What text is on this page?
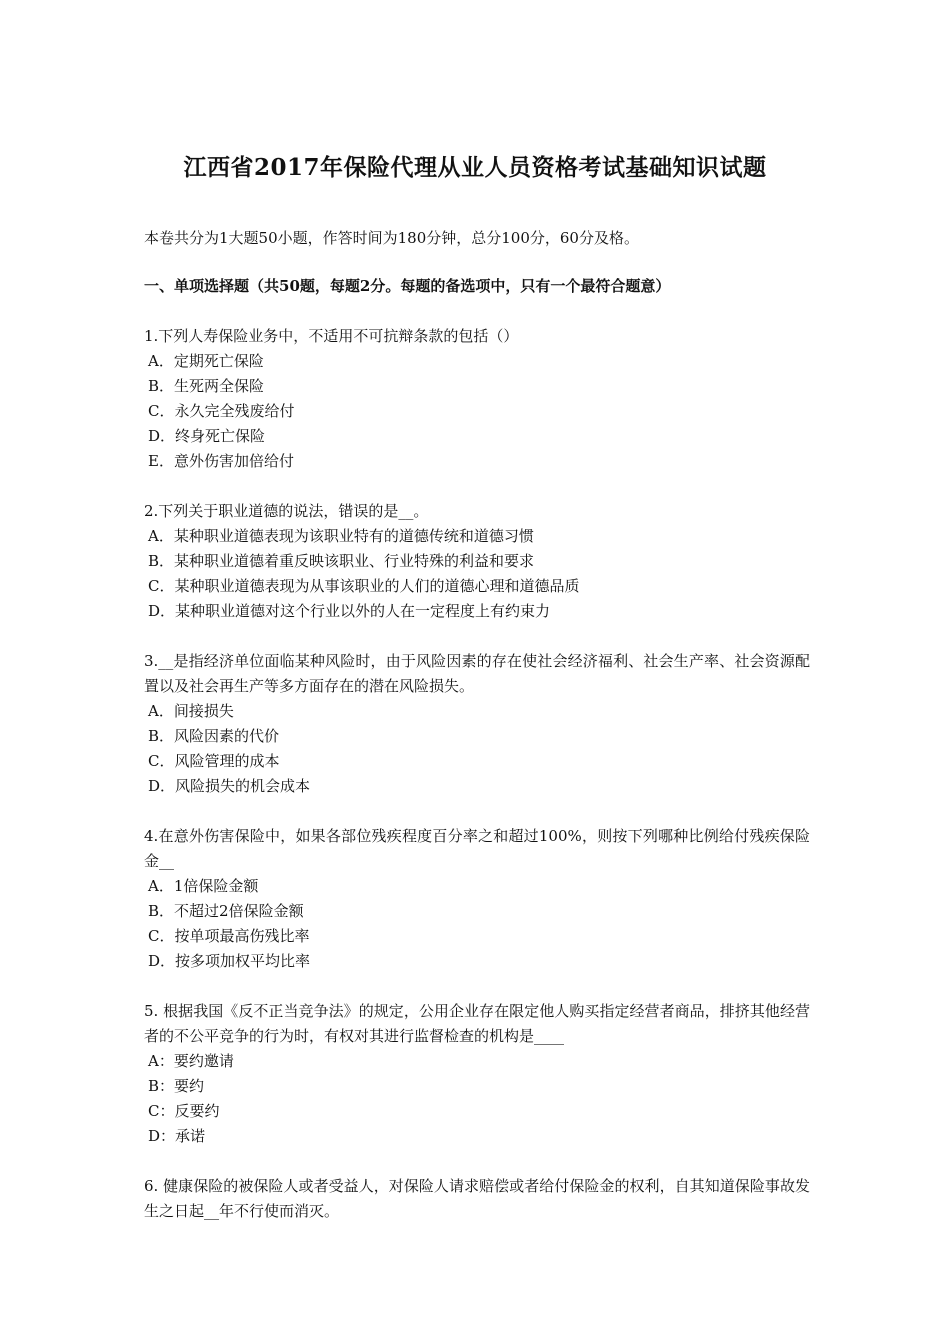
江西省2017年保险代理从业人员资格考试基础知识试题
本卷共分为1大题50小题，作答时间为180分钟，总分100分，60分及格。
一、单项选择题（共50题，每题2分。每题的备选项中，只有一个最符合题意）

1.下列人寿保险业务中，不适用不可抗辩条款的包括（）

A．定期死亡保险

B．生死两全保险

C．永久完全残废给付

D．终身死亡保险

E．意外伤害加倍给付

2.下列关于职业道德的说法，错误的是__。

A．某种职业道德表现为该职业特有的道德传统和道德习惯

B．某种职业道德着重反映该职业、行业特殊的利益和要求

C．某种职业道德表现为从事该职业的人们的道德心理和道德品质

D．某种职业道德对这个行业以外的人在一定程度上有约束力

3.__是指经济单位面临某种风险时，由于风险因素的存在使社会经济福利、社会生产率、社会资源配置以及社会再生产等多方面存在的潜在风险损失。

A．间接损失

B．风险因素的代价

C．风险管理的成本

D．风险损失的机会成本

4.在意外伤害保险中，如果各部位残疾程度百分率之和超过100%，则按下列哪种比例给付残疾保险金__

A．1倍保险金额

B．不超过2倍保险金额

C．按单项最高伤残比率

D．按多项加权平均比率

5. 根据我国《反不正当竞争法》的规定，公用企业存在限定他人购买指定经营者商品，排挤其他经营者的不公平竞争的行为时，有权对其进行监督检查的机构是____

A：要约邀请

B：要约

C：反要约

D：承诺

6. 健康保险的被保险人或者受益人，对保险人请求赔偿或者给付保险金的权利，自其知道保险事故发生之日起__年不行使而消灭。
